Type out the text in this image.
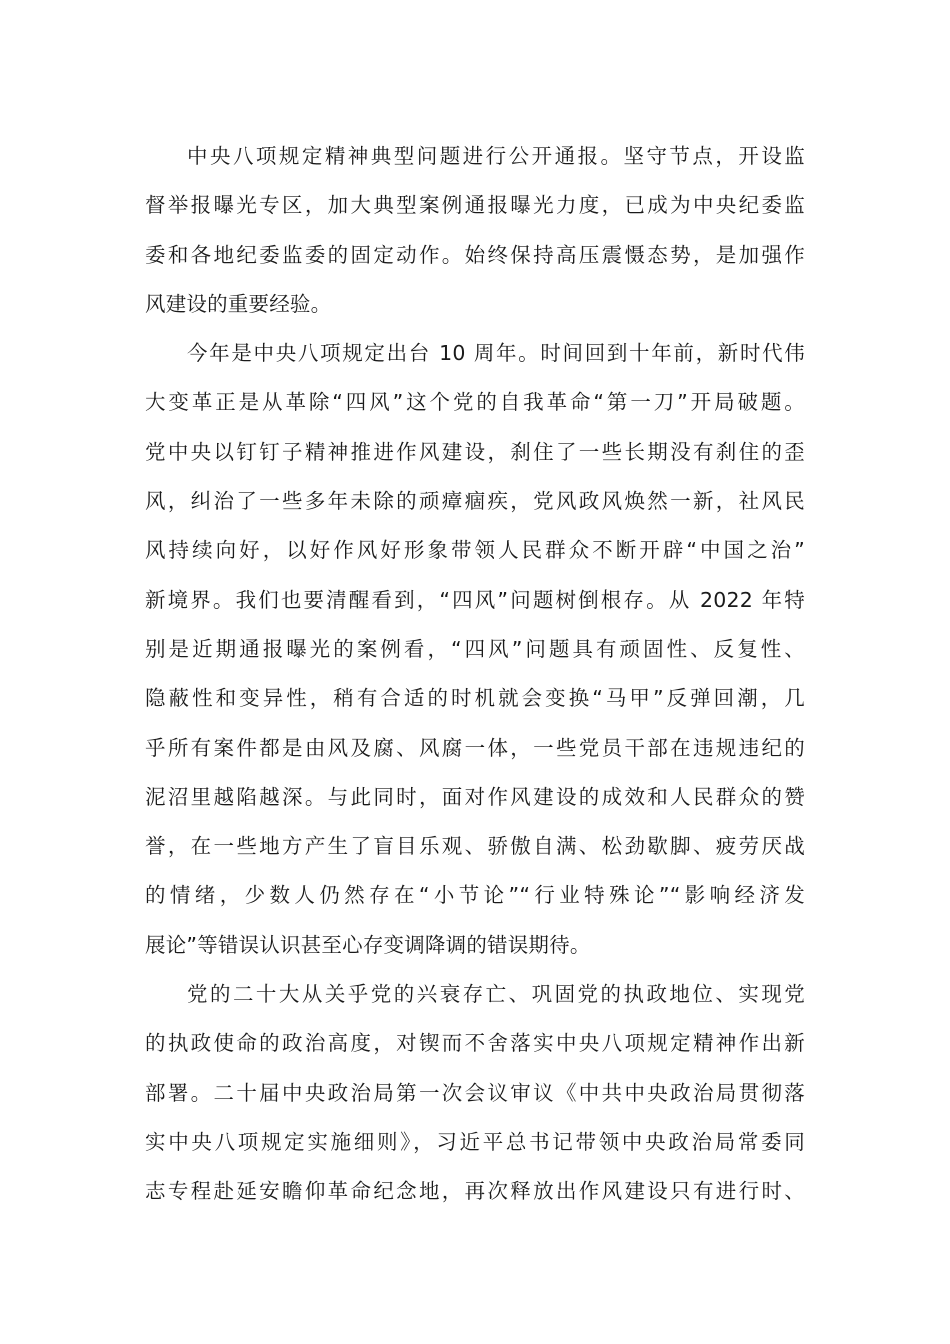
中央八项规定精神典型问题进行公开通报。坚守节点，开设监
督举报曝光专区，加大典型案例通报曝光力度，已成为中央纪委监
委和各地纪委监委的固定动作。始终保持高压震慑态势，是加强作
风建设的重要经验。
今年是中央八项规定出台 10 周年。时间回到十年前，新时代伟
大变革正是从革除“四风”这个党的自我革命“第一刀”开局破题。
党中央以钉钉子精神推进作风建设，刹住了一些长期没有刹住的歪
风，纠治了一些多年未除的顽瘴痼疾，党风政风焕然一新，社风民
风持续向好，以好作风好形象带领人民群众不断开辟“中国之治”
新境界。我们也要清醒看到，“四风”问题树倒根存。从 2022 年特
别是近期通报曝光的案例看，“四风”问题具有顽固性、反复性、
隐蔽性和变异性，稍有合适的时机就会变换“马甲”反弹回潮，几
乎所有案件都是由风及腐、风腐一体，一些党员干部在违规违纪的
泥沼里越陷越深。与此同时，面对作风建设的成效和人民群众的赞
誉，在一些地方产生了盲目乐观、骄傲自满、松劲歇脚、疲劳厌战
的情绪，少数人仍然存在“小节论”“行业特殊论”“影响经济发
展论”等错误认识甚至心存变调降调的错误期待。
党的二十大从关乎党的兴衰存亡、巩固党的执政地位、实现党
的执政使命的政治高度，对锲而不舍落实中央八项规定精神作出新
部署。二十届中央政治局第一次会议审议《中共中央政治局贯彻落
实中央八项规定实施细则》，习近平总书记带领中央政治局常委同
志专程赴延安瞻仰革命纪念地，再次释放出作风建设只有进行时、
